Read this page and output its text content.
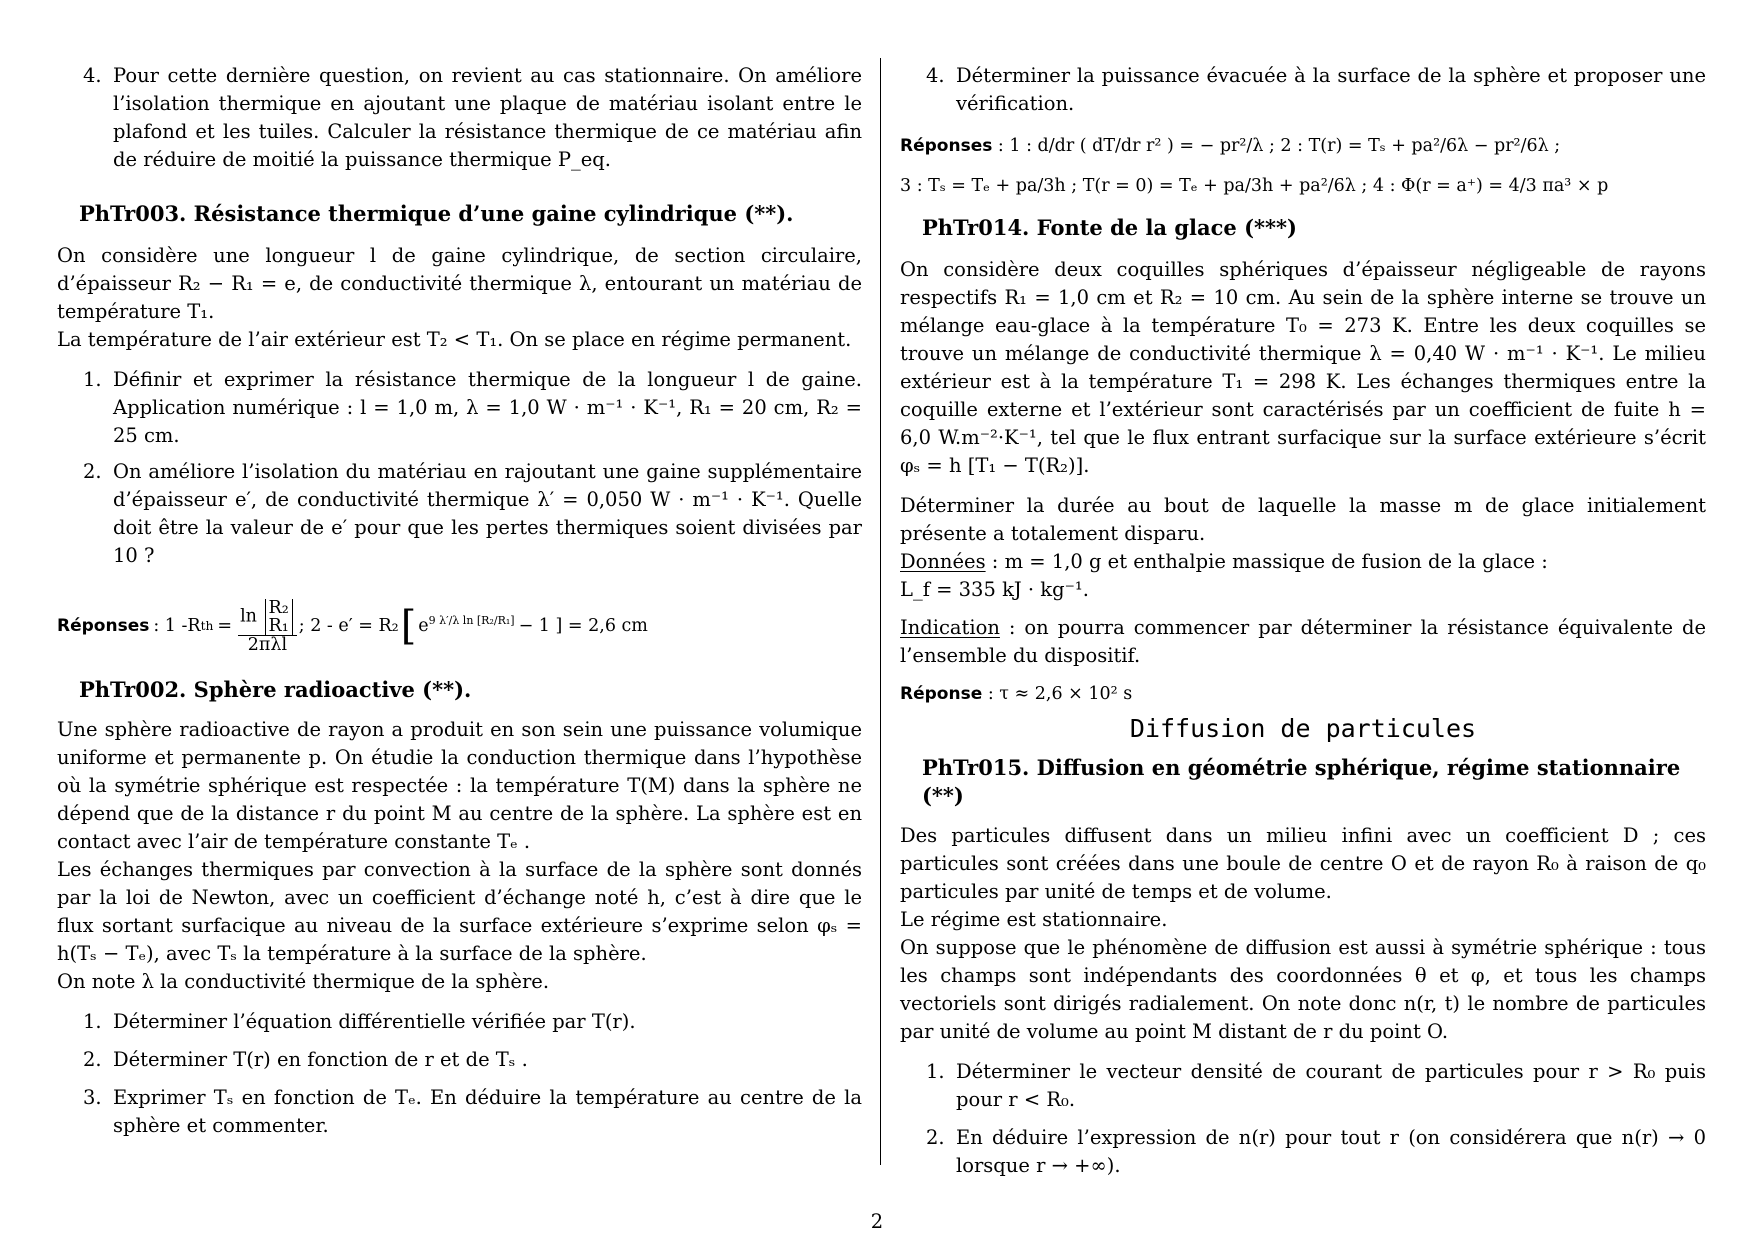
4. Pour cette dernière question, on revient au cas stationnaire. On améliore l’isolation thermique en ajoutant une plaque de matériau isolant entre le plafond et les tuiles. Calculer la résistance thermique de ce matériau afin de réduire de moitié la puissance thermique P_eq.
PhTr003. Résistance thermique d’une gaine cylindrique (**).

On considère une longueur l de gaine cylindrique, de section circulaire, d’épaisseur R₂ − R₁ = e, de conductivité thermique λ, entourant un matériau de température T₁.

La température de l’air extérieur est T₂ < T₁. On se place en régime permanent.

1. Définir et exprimer la résistance thermique de la longueur l de gaine. Application numérique : l = 1,0 m, λ = 1,0 W · m⁻¹ · K⁻¹, R₁ = 20 cm, R₂ = 25 cm.
2. On améliore l’isolation du matériau en rajoutant une gaine supplémentaire d’épaisseur e′, de conductivité thermique λ′ = 0,050 W · m⁻¹ · K⁻¹. Quelle doit être la valeur de e′ pour que les pertes thermiques soient divisées par 10 ?
Réponses : 1 -R th = ln R₂
R₁
2πλl
; 2 - e′ = R₂ [ $e^{9 \lambda'/\lambda ln [R_2/R_1]} - 1$ ] = 2,6 cm
PhTr002. Sphère radioactive (**).

Une sphère radioactive de rayon a produit en son sein une puissance volumique uniforme et permanente p. On étudie la conduction thermique dans l’hypothèse où la symétrie sphérique est respectée : la température T(M) dans la sphère ne dépend que de la distance r du point M au centre de la sphère. La sphère est en contact avec l’air de température constante Tₑ .

Les échanges thermiques par convection à la surface de la sphère sont donnés par la loi de Newton, avec un coefficient d’échange noté h, c’est à dire que le flux sortant surfacique au niveau de la surface extérieure s’exprime selon φₛ = h(Tₛ − Tₑ), avec Tₛ la température à la surface de la sphère.

On note λ la conductivité thermique de la sphère.

1. Déterminer l’équation différentielle vérifiée par T(r).
2. Déterminer T(r) en fonction de r et de Tₛ .
3. Exprimer Tₛ en fonction de Tₑ. En déduire la température au centre de la sphère et commenter.
4. Déterminer la puissance évacuée à la surface de la sphère et proposer une vérification.
Réponses : 1 : d/dr ( dT/dr r² ) = − pr²/λ ; 2 : T(r) = Tₛ + pa²/6λ − pr²/6λ ;
3 : Tₛ = Tₑ + pa/3h ; T(r = 0) = Tₑ + pa/3h + pa²/6λ ; 4 : Φ(r = a⁺) = 4/3 πa³ × p
PhTr014. Fonte de la glace (***)

On considère deux coquilles sphériques d’épaisseur négligeable de rayons respectifs R₁ = 1,0 cm et R₂ = 10 cm. Au sein de la sphère interne se trouve un mélange eau-glace à la température T₀ = 273 K. Entre les deux coquilles se trouve un mélange de conductivité thermique λ = 0,40 W · m⁻¹ · K⁻¹. Le milieu extérieur est à la température T₁ = 298 K. Les échanges thermiques entre la coquille externe et l’extérieur sont caractérisés par un coefficient de fuite h = 6,0 W.m⁻²·K⁻¹, tel que le flux entrant surfacique sur la surface extérieure s’écrit φₛ = h [T₁ − T(R₂)].

Déterminer la durée au bout de laquelle la masse m de glace initialement présente a totalement disparu.

Données : m = 1,0 g et enthalpie massique de fusion de la glace :

L_f = 335 kJ · kg⁻¹.

Indication : on pourra commencer par déterminer la résistance équivalente de l’ensemble du dispositif.

Réponse : τ ≈ 2,6 × 10² s
Diffusion de particules
PhTr015. Diffusion en géométrie sphérique, régime stationnaire (**)

Des particules diffusent dans un milieu infini avec un coefficient D ; ces particules sont créées dans une boule de centre O et de rayon R₀ à raison de q₀ particules par unité de temps et de volume.

Le régime est stationnaire.

On suppose que le phénomène de diffusion est aussi à symétrie sphérique : tous les champs sont indépendants des coordonnées θ et φ, et tous les champs vectoriels sont dirigés radialement. On note donc n(r, t) le nombre de particules par unité de volume au point M distant de r du point O.

1. Déterminer le vecteur densité de courant de particules pour r > R₀ puis pour r < R₀.
2. En déduire l’expression de n(r) pour tout r (on considérera que n(r) → 0 lorsque r → +∞).
2
